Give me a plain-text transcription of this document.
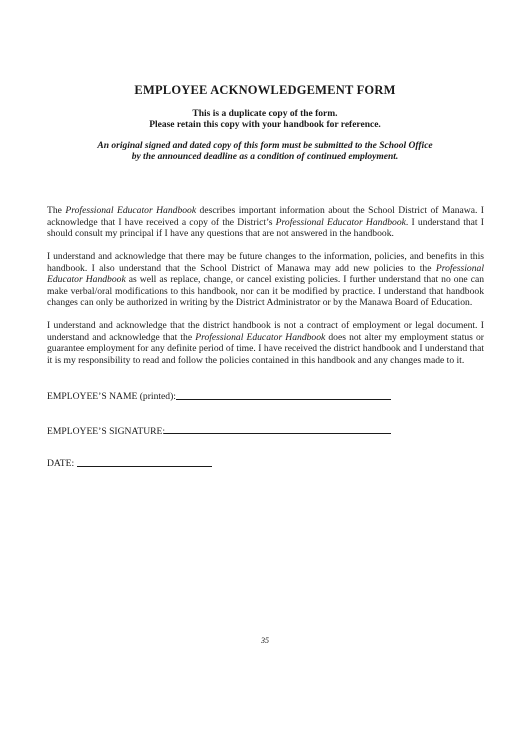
EMPLOYEE ACKNOWLEDGEMENT FORM
This is a duplicate copy of the form.
Please retain this copy with your handbook for reference.
An original signed and dated copy of this form must be submitted to the School Office
by the announced deadline as a condition of continued employment.
The Professional Educator Handbook describes important information about the School District of Manawa. I acknowledge that I have received a copy of the District’s Professional Educator Handbook. I understand that I should consult my principal if I have any questions that are not answered in the handbook.
I understand and acknowledge that there may be future changes to the information, policies, and benefits in this handbook. I also understand that the School District of Manawa may add new policies to the Professional Educator Handbook as well as replace, change, or cancel existing policies. I further understand that no one can make verbal/oral modifications to this handbook, nor can it be modified by practice. I understand that handbook changes can only be authorized in writing by the District Administrator or by the Manawa Board of Education.
I understand and acknowledge that the district handbook is not a contract of employment or legal document. I understand and acknowledge that the Professional Educator Handbook does not alter my employment status or guarantee employment for any definite period of time. I have received the district handbook and I understand that it is my responsibility to read and follow the policies contained in this handbook and any changes made to it.
EMPLOYEE’S NAME (printed):
EMPLOYEE’S SIGNATURE:
DATE:
35
